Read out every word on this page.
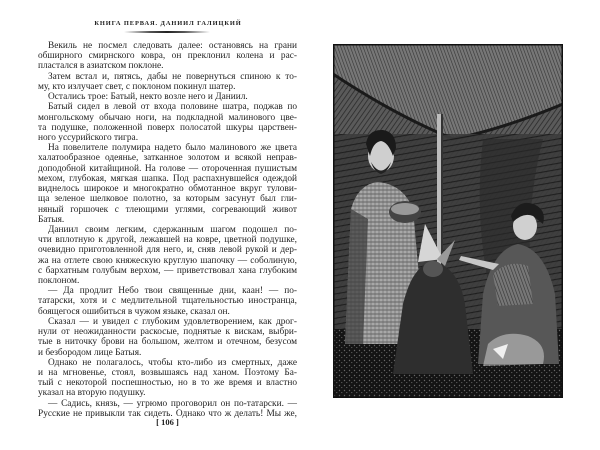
КНИГА ПЕРВАЯ. ДАНИИЛ ГАЛИЦКИЙ
Векиль не посмел следовать далее: остановясь на грани
обширного смирнского ковра, он преклонил колена и рас-
пластался в азиатском поклоне.
Затем встал и, пятясь, дабы не повернуться спиною к то-
му, кто излучает свет, с поклоном покинул шатер.
Остались трое: Батый, некто возле него и Даниил.
Батый сидел в левой от входа половине шатра, поджав по
монгольскому обычаю ноги, на подкладной малинового цве-
та подушке, положенной поверх полосатой шкуры царствен-
ного уссурийского тигра.
На повелителе полумира надето было малинового же цвета
халатообразное одеянье, затканное золотом и всякой неправ-
доподобной китайщиной. На голове — отороченная пушистым
мехом, глубокая, мягкая шапка. Под распахнувшейся одеждой
виднелось широкое и многократно обмотанное вкруг тулови-
ща зеленое шелковое полотно, за которым засунут был гли-
няный горшочек с тлеющими углями, согревающий живот
Батыя.
Даниил своим легким, сдержанным шагом подошел по-
чти вплотную к другой, лежавшей на ковре, цветной подушке,
очевидно приготовленной для него, и, сняв левой рукой и дер-
жа на отлете свою княжескую круглую шапочку — соболиную,
с бархатным голубым верхом, — приветствовал хана глубоким
поклоном.
— Да продлит Небо твои священные дни, каан! — по-
татарски, хотя и с медлительной тщательностью иностранца,
боящегося ошибиться в чужом языке, сказал он.
Сказал — и увидел с глубоким удовлетворением, как дрог-
нули от неожиданности раскосые, поднятые к вискам, выбри-
тые в ниточку брови на большом, желтом и отечном, безусом
и безбородом лице Батыя.
Однако не полагалось, чтобы кто-либо из смертных, даже
и на мгновенье, стоял, возвышаясь над ханом. Поэтому Ба-
тый с некоторой поспешностью, но в то же время и властно
указал на вторую подушку.
— Садись, князь, — угрюмо проговорил он по-татарски. —
Русские не привыкли так сидеть. Однако что ж делать! Мы же,
[ 106 ]
